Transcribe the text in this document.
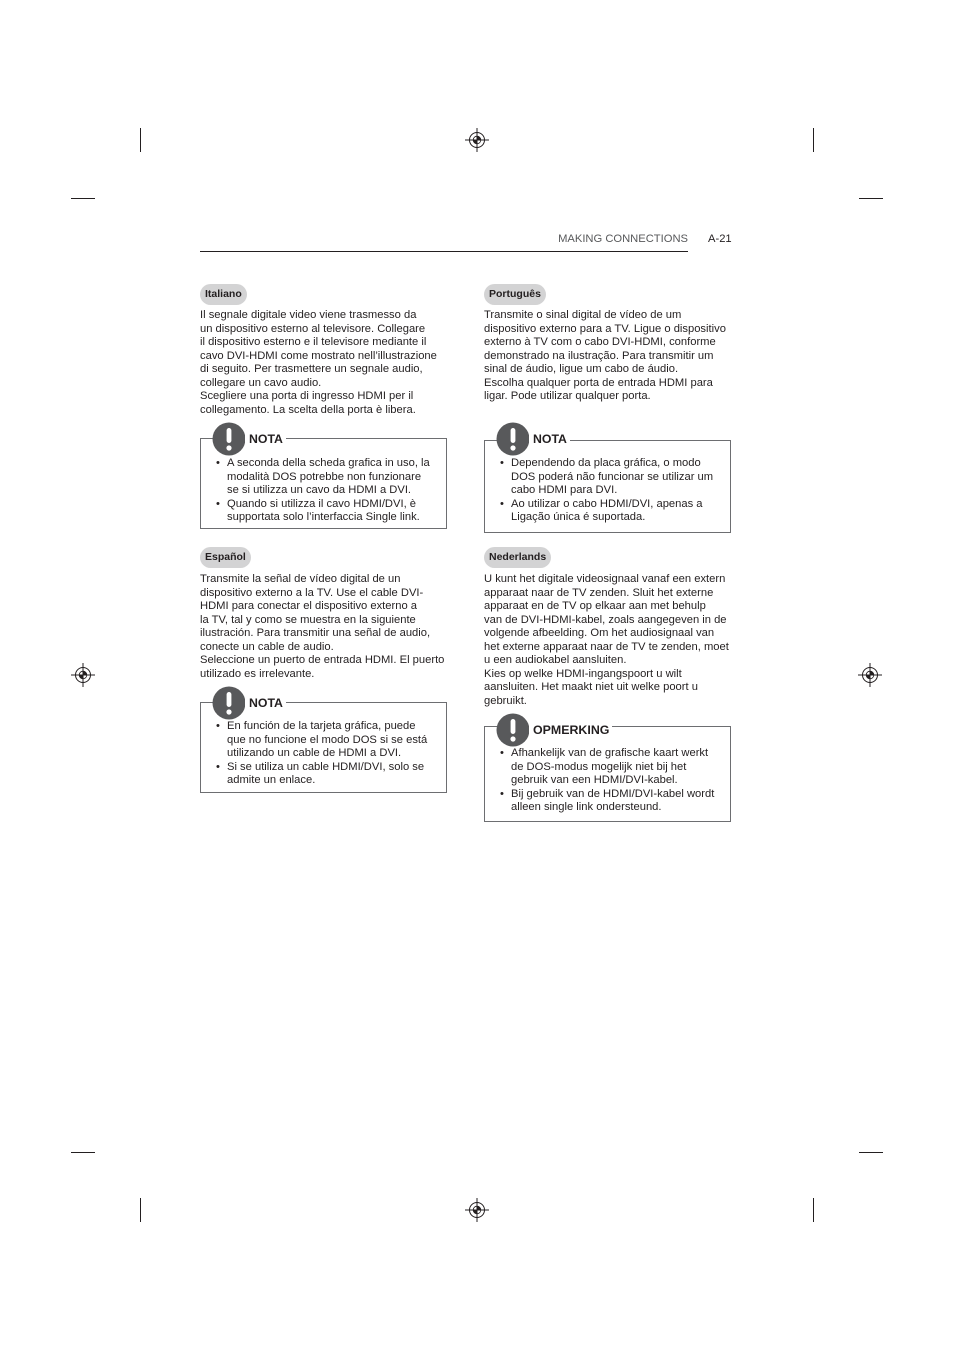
MAKING CONNECTIONS A-21
Italiano
Il segnale digitale video viene trasmesso da
un dispositivo esterno al televisore. Collegare
il dispositivo esterno e il televisore mediante il
cavo DVI-HDMI come mostrato nell’illustrazione
di seguito. Per trasmettere un segnale audio,
collegare un cavo audio.
Scegliere una porta di ingresso HDMI per il
collegamento. La scelta della porta è libera.
NOTA
• A seconda della scheda grafica in uso, la
modalità DOS potrebbe non funzionare
se si utilizza un cavo da HDMI a DVI.
• Quando si utilizza il cavo HDMI/DVI, è
supportata solo l’interfaccia Single link.
Español
Transmite la señal de vídeo digital de un
dispositivo externo a la TV. Use el cable DVI-
HDMI para conectar el dispositivo externo a
la TV, tal y como se muestra en la siguiente
ilustración. Para transmitir una señal de audio,
conecte un cable de audio.
Seleccione un puerto de entrada HDMI. El puerto
utilizado es irrelevante.
NOTA
• En función de la tarjeta gráfica, puede
que no funcione el modo DOS si se está
utilizando un cable de HDMI a DVI.
• Si se utiliza un cable HDMI/DVI, solo se
admite un enlace.
Português
Transmite o sinal digital de vídeo de um
dispositivo externo para a TV. Ligue o dispositivo
externo à TV com o cabo DVI-HDMI, conforme
demonstrado na ilustração. Para transmitir um
sinal de áudio, ligue um cabo de áudio.
Escolha qualquer porta de entrada HDMI para
ligar. Pode utilizar qualquer porta.
NOTA
• Dependendo da placa gráfica, o modo
DOS poderá não funcionar se utilizar um
cabo HDMI para DVI.
• Ao utilizar o cabo HDMI/DVI, apenas a
Ligação única é suportada.
Nederlands
U kunt het digitale videosignaal vanaf een extern
apparaat naar de TV zenden. Sluit het externe
apparaat en de TV op elkaar aan met behulp
van de DVI-HDMI-kabel, zoals aangegeven in de
volgende afbeelding. Om het audiosignaal van
het externe apparaat naar de TV te zenden, moet
u een audiokabel aansluiten.
Kies op welke HDMI-ingangspoort u wilt
aansluiten. Het maakt niet uit welke poort u
gebruikt.
OPMERKING
• Afhankelijk van de grafische kaart werkt
de DOS-modus mogelijk niet bij het
gebruik van een HDMI/DVI-kabel.
• Bij gebruik van de HDMI/DVI-kabel wordt
alleen single link ondersteund.
